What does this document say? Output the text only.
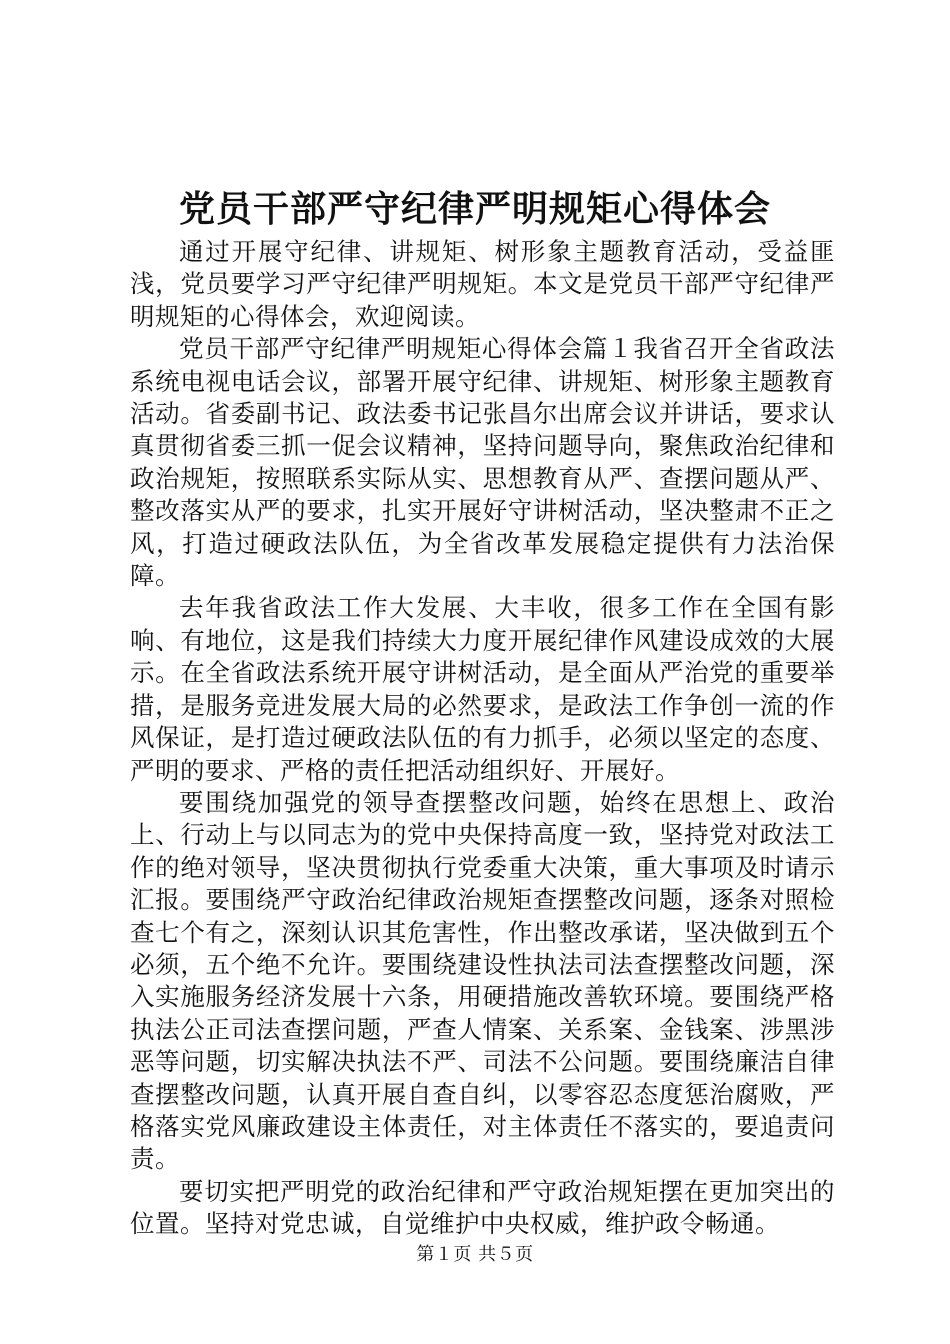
党员干部严守纪律严明规矩心得体会

通过开展守纪律、讲规矩、树形象主题教育活动，受益匪浅，党员要学习严守纪律严明规矩。本文是党员干部严守纪律严明规矩的心得体会，欢迎阅读。

党员干部严守纪律严明规矩心得体会篇１我省召开全省政法系统电视电话会议，部署开展守纪律、讲规矩、树形象主题教育活动。省委副书记、政法委书记张昌尔出席会议并讲话，要求认真贯彻省委三抓一促会议精神，坚持问题导向，聚焦政治纪律和政治规矩，按照联系实际从实、思想教育从严、查摆问题从严、整改落实从严的要求，扎实开展好守讲树活动，坚决整肃不正之风，打造过硬政法队伍，为全省改革发展稳定提供有力法治保障。

去年我省政法工作大发展、大丰收，很多工作在全国有影响、有地位，这是我们持续大力度开展纪律作风建设成效的大展示。在全省政法系统开展守讲树活动，是全面从严治党的重要举措，是服务竞进发展大局的必然要求，是政法工作争创一流的作风保证，是打造过硬政法队伍的有力抓手，必须以坚定的态度、严明的要求、严格的责任把活动组织好、开展好。

要围绕加强党的领导查摆整改问题，始终在思想上、政治上、行动上与以同志为的党中央保持高度一致，坚持党对政法工作的绝对领导，坚决贯彻执行党委重大决策，重大事项及时请示汇报。要围绕严守政治纪律政治规矩查摆整改问题，逐条对照检查七个有之，深刻认识其危害性，作出整改承诺，坚决做到五个必须，五个绝不允许。要围绕建设性执法司法查摆整改问题，深入实施服务经济发展十六条，用硬措施改善软环境。要围绕严格执法公正司法查摆问题，严查人情案、关系案、金钱案、涉黑涉恶等问题，切实解决执法不严、司法不公问题。要围绕廉洁自律查摆整改问题，认真开展自查自纠，以零容忍态度惩治腐败，严格落实党风廉政建设主体责任，对主体责任不落实的，要追责问责。

要切实把严明党的政治纪律和严守政治规矩摆在更加突出的位置。坚持对党忠诚，自觉维护中央权威，维护政令畅通。

第１页 共５页
